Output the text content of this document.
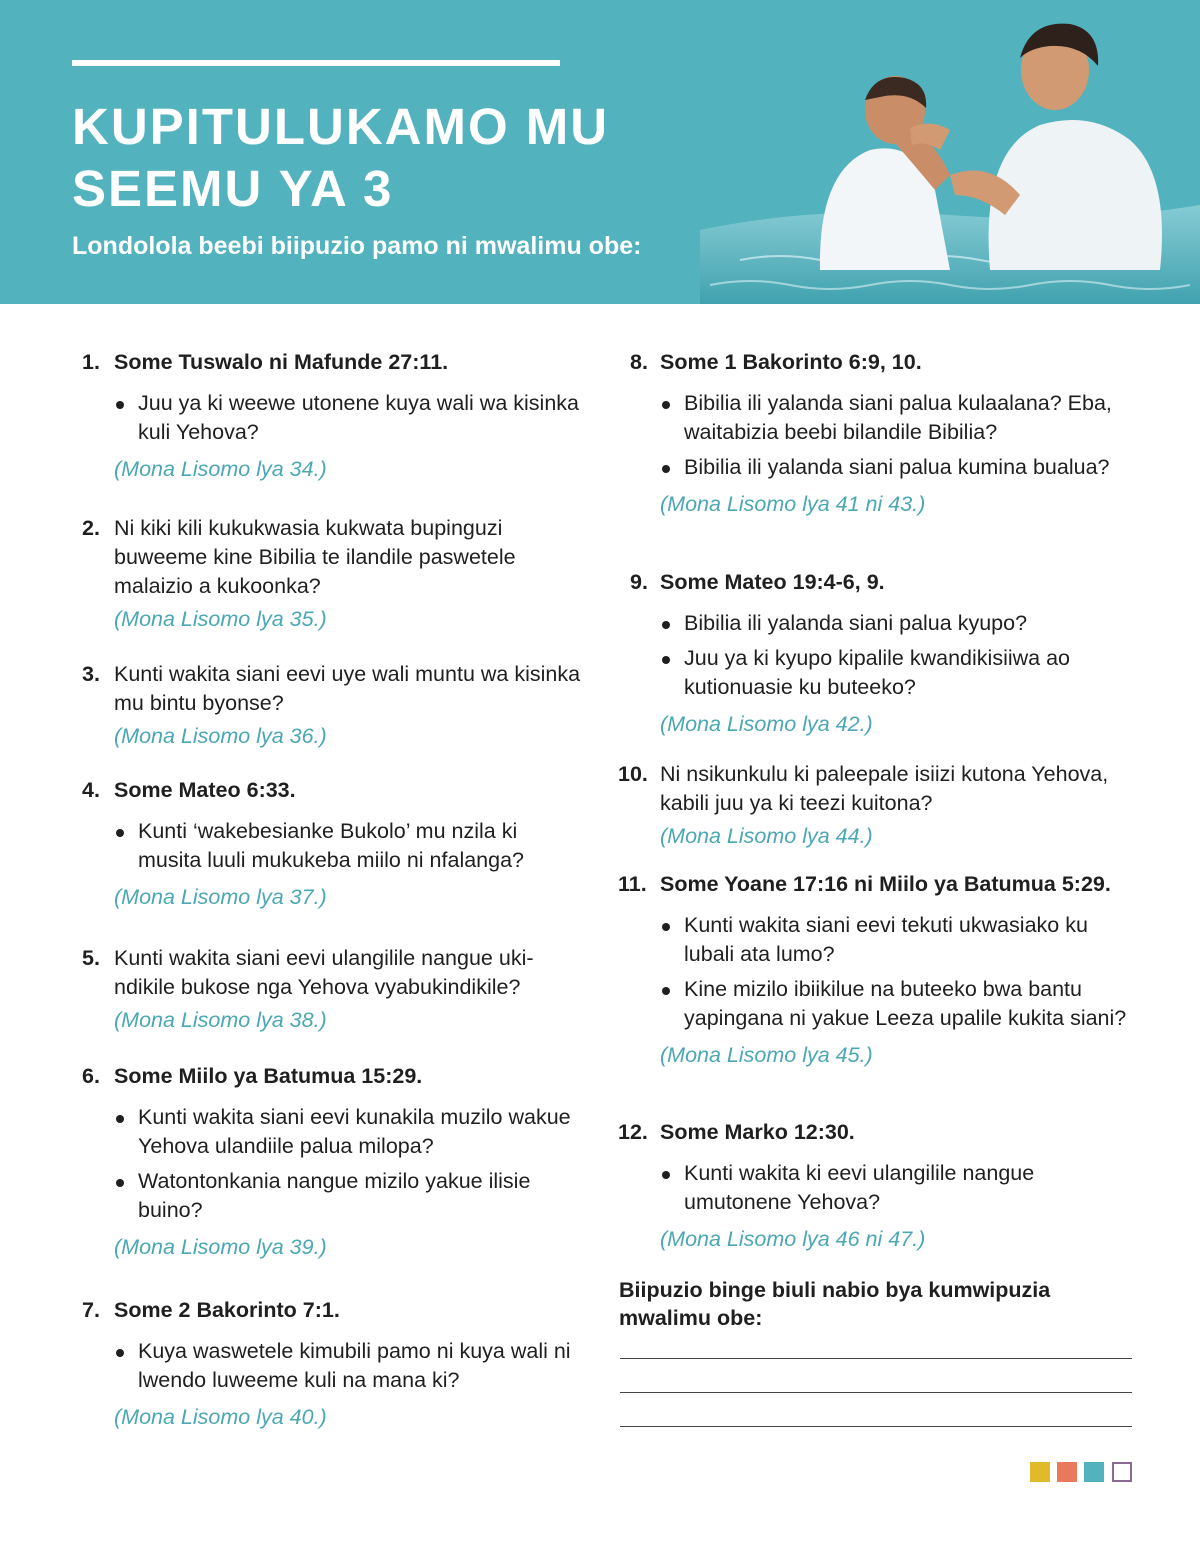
KUPITULUKAMO MU
SEEMU YA 3

Londolola beebi biipuzio pamo ni mwalimu obe:

1. Some Tuswalo ni Mafunde 27:11.
Juu ya ki weewe utonene kuya wali wa kisinka kuli Yehova?
(Mona Lisomo lya 34.)
2. Ni kiki kili kukukwasia kukwata bupinguzi buweeme kine Bibilia te ilandile paswetele malaizio a kukoonka?
(Mona Lisomo lya 35.)
3. Kunti wakita siani eevi uye wali muntu wa kisinka mu bintu byonse?
(Mona Lisomo lya 36.)
4. Some Mateo 6:33.
Kunti ‘wakebesianke Bukolo’ mu nzila ki musita luuli mukukeba miilo ni nfalanga?
(Mona Lisomo lya 37.)
5. Kunti wakita siani eevi ulangilile nangue uki-ndikile bukose nga Yehova vyabukindikile?
(Mona Lisomo lya 38.)
6. Some Miilo ya Batumua 15:29.
Kunti wakita siani eevi kunakila muzilo wakue Yehova ulandiile palua milopa?
Watontonkania nangue mizilo yakue ilisie buino?
(Mona Lisomo lya 39.)
7. Some 2 Bakorinto 7:1.
Kuya waswetele kimubili pamo ni kuya wali ni lwendo luweeme kuli na mana ki?
(Mona Lisomo lya 40.)
8. Some 1 Bakorinto 6:9, 10.
Bibilia ili yalanda siani palua kulaalana? Eba, waitabizia beebi bilandile Bibilia?
Bibilia ili yalanda siani palua kumina bualua?
(Mona Lisomo lya 41 ni 43.)
9. Some Mateo 19:4-6, 9.
Bibilia ili yalanda siani palua kyupo?
Juu ya ki kyupo kipalile kwandikisiiwa ao kutionuasie ku buteeko?
(Mona Lisomo lya 42.)
10. Ni nsikunkulu ki paleepale isiizi kutona Yehova, kabili juu ya ki teezi kuitona?
(Mona Lisomo lya 44.)
11. Some Yoane 17:16 ni Miilo ya Batumua 5:29.
Kunti wakita siani eevi tekuti ukwasiako ku lubali ata lumo?
Kine mizilo ibiikilue na buteeko bwa bantu yapingana ni yakue Leeza upalile kukita siani?
(Mona Lisomo lya 45.)
12. Some Marko 12:30.
Kunti wakita ki eevi ulangilile nangue umutonene Yehova?
(Mona Lisomo lya 46 ni 47.)

Biipuzio binge biuli nabio bya kumwipuzia mwalimu obe:
